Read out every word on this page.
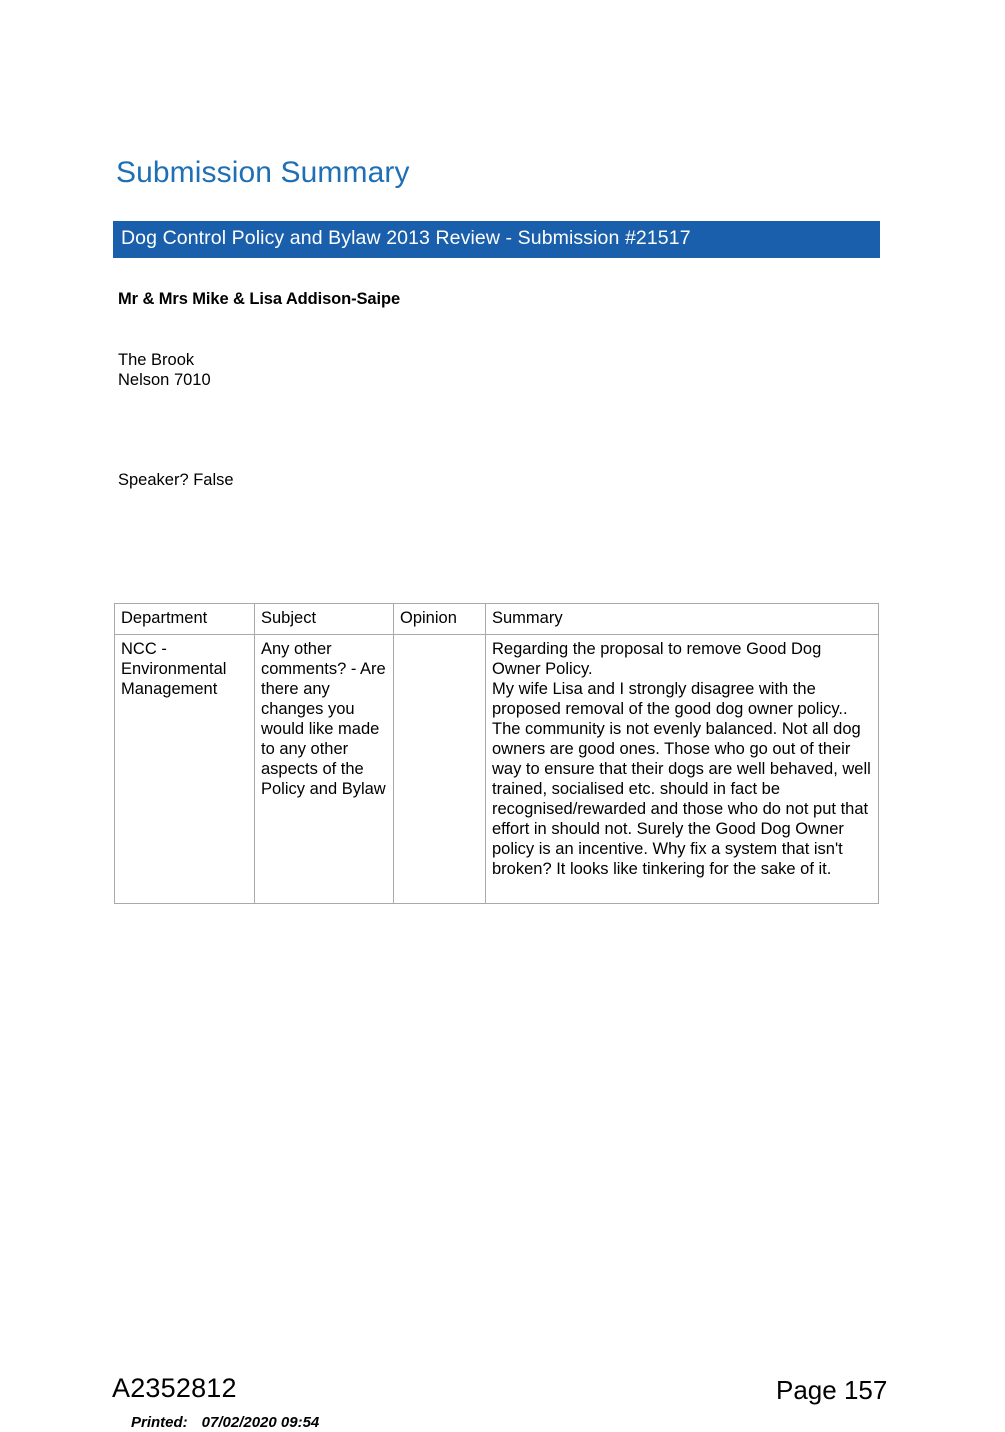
Submission Summary
Dog Control Policy and Bylaw 2013 Review - Submission #21517
Mr & Mrs Mike & Lisa Addison-Saipe
The Brook
Nelson 7010
Speaker? False
Department	Subject	Opinion	Summary
NCC - Environmental Management	Any other comments? - Are there any changes you would like made to any other aspects of the Policy and Bylaw		Regarding the proposal to remove Good Dog Owner Policy.

My wife Lisa and I strongly disagree with the proposed removal of the good dog owner policy.. The community is not evenly balanced. Not all dog owners are good ones. Those who go out of their way to ensure that their dogs are well behaved, well trained, socialised etc. should in fact be recognised/rewarded and those who do not put that effort in should not. Surely the Good Dog Owner policy is an incentive. Why fix a system that isn't broken? It looks like tinkering for the sake of it.

A2352812	Page 157
Printed: 07/02/2020 09:54
